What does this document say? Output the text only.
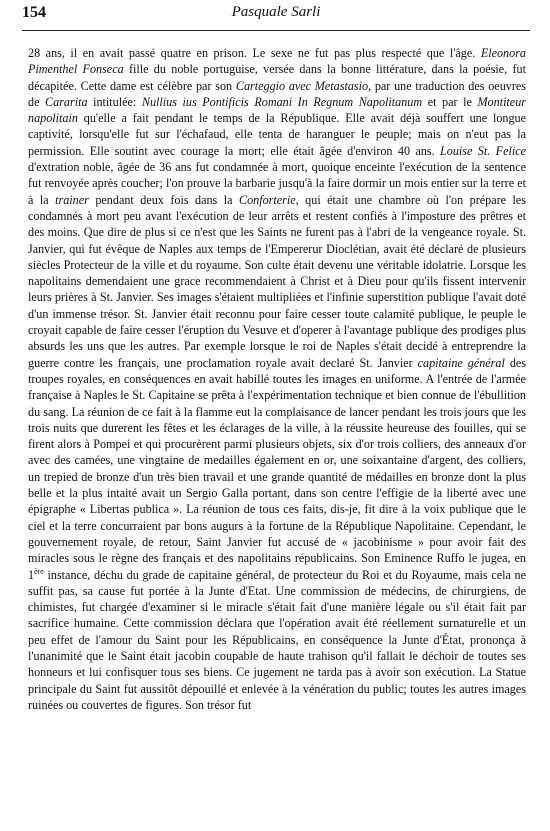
154	Pasquale Sarli

28 ans, il en avait passé quatre en prison. Le sexe ne fut pas plus respecté que l'âge. Eleonora Pimenthel Fonseca fille du noble portuguise, versée dans la bonne littérature, dans la poésie, fut décapitée. Cette dame est célèbre par son Carteggio avec Metastasio, par une traduction des oeuvres de Cararita intitulée: Nullius ius Pontificis Romani In Regnum Napolitanum et par le Montiteur napolitain qu'elle a fait pendant le temps de la République. Elle avait déjà souffert une longue captivité, lorsqu'elle fut sur l'échafaud, elle tenta de haranguer le peuple; mais on n'eut pas la permission. Elle soutint avec courage la mort; elle était âgée d'environ 40 ans. Louise St. Felice d'extration noble, âgée de 36 ans fut condamnée à mort, quoique enceinte l'exécution de la sentence fut renvoyée après coucher; l'on prouve la barbarie jusqu'à la faire dormir un mois entier sur la terre et à la trainer pendant deux fois dans la Conforterie, qui était une chambre où l'on prépare les condamnés à mort peu avant l'exécution de leur arrêts et restent confiés à l'imposture des prêtres et des moins. Que dire de plus si ce n'est que les Saints ne furent pas à l'abri de la vengeance royale. St. Janvier, qui fut évêque de Naples aux temps de l'Empererur Dioclétian, avait été déclaré de plusieurs siècles Protecteur de la ville et du royaume. Son culte était devenu une véritable idolatrie. Lorsque les napolitains demendaient une grace recommendaient à Christ et à Dieu pour qu'ils fissent intervenir leurs prières à St. Janvier. Ses images s'étaient multipliées et l'infinie superstition publique l'avait doté d'un immense trésor. St. Janvier était reconnu pour faire cesser toute calamité publique, le peuple le croyait capable de faire cesser l'éruption du Vesuve et d'operer à l'avantage publique des prodiges plus absurds les uns que les autres. Par exemple lorsque le roi de Naples s'était decidé à entreprendre la guerre contre les français, une proclamation royale avait declaré St. Janvier capitaine général des troupes royales, en conséquences en avait habillé toutes les images en uniforme. A l'entrée de l'armée française à Naples le St. Capitaine se prêta à l'expérimentation technique et bien connue de l'ébullition du sang. La réunion de ce fait à la flamme eut la complaisance de lancer pendant les trois jours que les trois nuits que durerent les fêtes et les éclarages de la ville, à la réussite heureuse des fouilles, qui se firent alors à Pompei et qui procurèrent parmi plusieurs objets, six d'or trois colliers, des anneaux d'or avec des camées, une vingtaine de medailles également en or, une soixantaine d'argent, des colliers, un trepied de bronze d'un très bien travail et une grande quantité de médailles en bronze dont la plus belle et la plus intaité avait un Sergio Galla portant, dans son centre l'effigie de la liberté avec une épigraphe « Libertas publica ». La réunion de tous ces faits, dis-je, fit dire à la voix publique que le ciel et la terre concurraient par bons augurs à la fortune de la République Napolitaine. Cependant, le gouvernement royale, de retour, Saint Janvier fut accusé de « jacobinisme » pour avoir fait des miracles sous le règne des français et des napolitains républicains. Son Eminence Ruffo le jugea, en 1ère instance, déchu du grade de capitaine général, de protecteur du Roi et du Royaume, mais cela ne suffit pas, sa cause fut portée à la Junte d'Etat. Une commission de médecins, de chirurgiens, de chimistes, fut chargée d'examiner si le miracle s'était fait d'une manière légale ou s'il était fait par sacrifice humaine. Cette commission déclara que l'opération avait été réellement surnaturelle et un peu effet de l'amour du Saint pour les Républicains, en conséquence la Junte d'État, prononça à l'unanimité que le Saint était jacobin coupable de haute trahison qu'il fallait le déchoir de toutes ses honneurs et lui confisquer tous ses biens. Ce jugement ne tarda pas à avoir son exécution. La Statue principale du Saint fut aussitôt dépouillé et enlevée à la vénération du public; toutes les autres images ruinées ou couvertes de figures. Son trésor fut
